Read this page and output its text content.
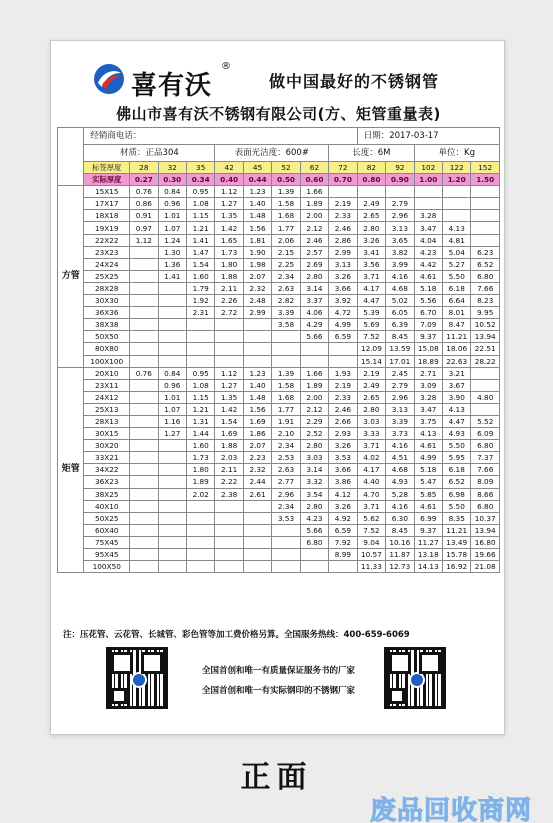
喜有沃
®
做中国最好的不锈钢管
佛山市喜有沃不锈钢有限公司(方、矩管重量表)
	经销商电话：									日期：2017-03-17				
	材质：正品304				表面光洁度：600#				长度：6M			单位：Kg		
	标签厚度	28	32	35	42	45	52	62	72	82	92	102	122	152
	实际厚度	0.27	0.30	0.34	0.40	0.44	0.50	0.60	0.70	0.80	0.90	1.00	1.20	1.50
方管	15X15	0.76	0.84	0.95	1.12	1.23	1.39	1.66						
	17X17	0.86	0.96	1.08	1.27	1.40	1.58	1.89	2.19	2.49	2.79			
	18X18	0.91	1.01	1.15	1.35	1.48	1.68	2.00	2.33	2.65	2.96	3.28		
	19X19	0.97	1.07	1.21	1.42	1.56	1.77	2.12	2.46	2.80	3.13	3.47	4.13	
	22X22	1.12	1.24	1.41	1.65	1.81	2.06	2.46	2.86	3.26	3.65	4.04	4.81	
	23X23		1.30	1.47	1.73	1.90	2.15	2.57	2.99	3.41	3.82	4.23	5.04	6.23
	24X24		1.36	1.54	1.80	1.98	2.25	2.69	3.13	3.56	3.99	4.42	5.27	6.52
	25X25		1.41	1.60	1.88	2.07	2.34	2.80	3.26	3.71	4.16	4.61	5.50	6.80
	28X28			1.79	2.11	2.32	2.63	3.14	3.66	4.17	4.68	5.18	6.18	7.66
	30X30			1.92	2.26	2.48	2.82	3.37	3.92	4.47	5.02	5.56	6.64	8.23
	36X36			2.31	2.72	2.99	3.39	4.06	4.72	5.39	6.05	6.70	8.01	9.95
	38X38						3.58	4.29	4.99	5.69	6.39	7.09	8.47	10.52
	50X50							5.66	6.59	7.52	8.45	9.37	11.21	13.94
	80X80									12.09	13.59	15.08	18.06	22.51
	100X100									15.14	17.01	18.89	22.63	28.22
矩管	20X10	0.76	0.84	0.95	1.12	1.23	1.39	1.66	1.93	2.19	2.45	2.71	3.21	
	23X11		0.96	1.08	1.27	1.40	1.58	1.89	2.19	2.49	2.79	3.09	3.67	
	24X12		1.01	1.15	1.35	1.48	1.68	2.00	2.33	2.65	2.96	3.28	3.90	4.80
	25X13		1.07	1.21	1.42	1.56	1.77	2.12	2.46	2.80	3.13	3.47	4.13	
	28X13		1.16	1.31	1.54	1.69	1.91	2.29	2.66	3.03	3.39	3.75	4.47	5.52
	30X15		1.27	1.44	1.69	1.86	2.10	2.52	2.93	3.33	3.73	4.13	4.93	6.09
	30X20			1.60	1.88	2.07	2.34	2.80	3.26	3.71	4.16	4.61	5.50	6.80
	33X21			1.73	2.03	2.23	2.53	3.03	3.53	4.02	4.51	4.99	5.95	7.37
	34X22			1.80	2.11	2.32	2.63	3.14	3.66	4.17	4.68	5.18	6.18	7.66
	36X23			1.89	2.22	2.44	2.77	3.32	3.86	4.40	4.93	5.47	6.52	8.09
	38X25			2.02	2.38	2.61	2.96	3.54	4.12	4.70	5.28	5.85	6.98	8.66
	40X10						2.34	2.80	3.26	3.71	4.16	4.61	5.50	6.80
	50X25						3.53	4.23	4.92	5.62	6.30	6.99	8.35	10.37
	60X40							5.66	6.59	7.52	8.45	9.37	11.21	13.94
	75X45							6.80	7.92	9.04	10.16	11.27	13.49	16.80
	95X45								8.99	10.57	11.87	13.18	15.78	19.66
	100X50									11.33	12.73	14.13	16.92	21.08
注：压花管、云花管、长城管、彩色管等加工费价格另算。全国服务热线：400-659-6069
全国首创和唯一有质量保证服务书的厂家
全国首创和唯一有实际钢印的不锈钢厂家
正面
废品回收商网
